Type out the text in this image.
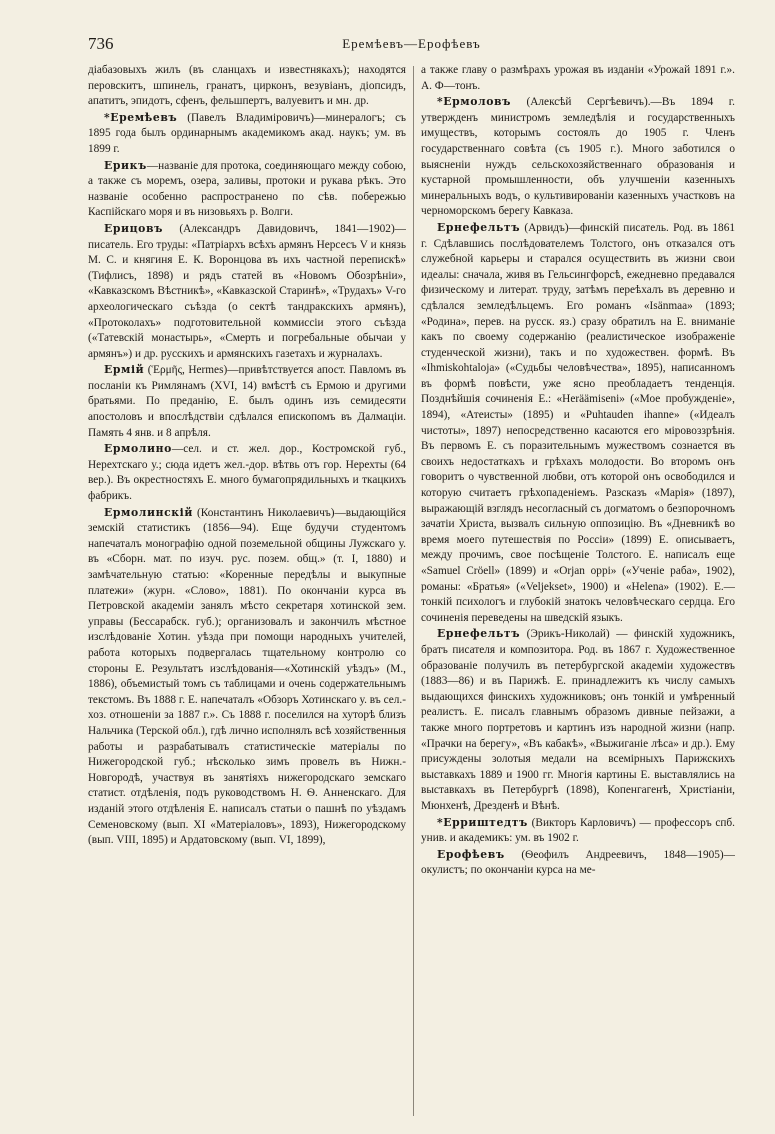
736	Еремѣевъ—Ерофѣевъ

діабазовыхъ жилъ (въ сланцахъ и известнякахъ); находятся перовскитъ, шпинель, гранатъ, цирконъ, везувіанъ, діопсидъ, апатитъ, эпидотъ, сфенъ, фельшпертъ, валуевитъ и мн. др.

*Еремѣевъ (Павелъ Владиміровичъ)—минералогъ; съ 1895 года былъ ординарнымъ академикомъ акад. наукъ; ум. въ 1899 г.

Ерикъ—названіе для протока, соединяющаго между собою, а также съ моремъ, озера, заливы, протоки и рукава рѣкъ. Это названіе особенно распространено по сѣв. побережью Каспійскаго моря и въ низовьяхъ р. Волги.

Ерицовъ (Александръ Давидовичъ, 1841—1902)—писатель. Его труды: «Патріархъ всѣхъ армянъ Нерсесъ V и князь М. С. и княгиня Е. К. Воронцова въ ихъ частной перепискѣ» (Тифлисъ, 1898) и рядъ статей въ «Новомъ Обозрѣніи», «Кавказскомъ Вѣстникѣ», «Кавказской Старинѣ», «Трудахъ» V-го археологическаго съѣзда (о сектѣ тандракскихъ армянъ), «Протоколахъ» подготовительной коммиссіи этого съѣзда («Татевскій монастырь», «Смерть и погребальные обычаи у армянъ») и др. русскихъ и армянскихъ газетахъ и журналахъ.

Ермій (Ἑρμῆς, Hermes)—привѣтствуется апост. Павломъ въ посланіи къ Римлянамъ (XVI, 14) вмѣстѣ съ Ермою и другими братьями. По преданію, Е. былъ одинъ изъ семидесяти апостоловъ и впослѣдствіи сдѣлался епископомъ въ Далмаціи. Память 4 янв. и 8 апрѣля.

Ермолино—сел. и ст. жел. дор., Костромской губ., Нерехтскаго у.; сюда идетъ жел.-дор. вѣтвь отъ гор. Нерехты (64 вер.). Въ окрестностяхъ Е. много бумагопрядильныхъ и ткацкихъ фабрикъ.

Ермолинскій (Константинъ Николаевичъ)—выдающійся земскій статистикъ (1856—94). Еще будучи студентомъ напечаталъ монографію одной поземельной общины Лужскаго у. въ «Сборн. мат. по изуч. рус. позем. общ.» (т. I, 1880) и замѣчательную статью: «Коренные передѣлы и выкупные платежи» (журн. «Слово», 1881). По окончаніи курса въ Петровской академіи занялъ мѣсто секретаря хотинской зем. управы (Бессарабск. губ.); организовалъ и закончилъ мѣстное изслѣдованіе Хотин. уѣзда при помощи народныхъ учителей, работа которыхъ подвергалась тщательному контролю со стороны Е. Результатъ изслѣдованія—«Хотинскій уѣздъ» (М., 1886), объемистый томъ съ таблицами и очень содержательнымъ текстомъ. Въ 1888 г. Е. напечаталъ «Обзоръ Хотинскаго у. въ сел.-хоз. отношеніи за 1887 г.». Съ 1888 г. поселился на хуторѣ близъ Нальчика (Терской обл.), гдѣ лично исполнялъ всѣ хозяйственныя работы и разрабатывалъ статистическіе матеріалы по Нижегородской губ.; нѣсколько зимъ провелъ въ Нижн.-Новгородѣ, участвуя въ занятіяхъ нижегородскаго земскаго статист. отдѣленія, подъ руководствомъ Н. Ѳ. Анненскаго. Для изданій этого отдѣленія Е. написалъ статьи о пашнѣ по уѣздамъ Семеновскому (вып. XI «Матеріаловъ», 1893), Нижегородскому (вып. VIII, 1895) и Ардатовскому (вып. VI, 1899),

а также главу о размѣрахъ урожая въ изданіи «Урожай 1891 г.». А. Ф—тонъ.

*Ермоловъ (Алексѣй Сергѣевичъ).—Въ 1894 г. утвержденъ министромъ земледѣлія и государственныхъ имуществъ, которымъ состоялъ до 1905 г. Членъ государственнаго совѣта (съ 1905 г.). Много заботился о выясненіи нуждъ сельскохозяйственнаго образованія и кустарной промышленности, объ улучшеніи казенныхъ минеральныхъ водъ, о культивированіи казенныхъ участковъ на черноморскомъ берегу Кавказа.

Ернефельтъ (Арвидъ)—финскій писатель. Род. въ 1861 г. Сдѣлавшись послѣдователемъ Толстого, онъ отказался отъ служебной карьеры и старался осуществить въ жизни свои идеалы: сначала, живя въ Гельсингфорсѣ, ежедневно предавался физическому и литерат. труду, затѣмъ переѣхалъ въ деревню и сдѣлался земледѣльцемъ. Его романъ «Isänmaa» (1893; «Родина», перев. на русск. яз.) сразу обратилъ на Е. вниманіе какъ по своему содержанію (реалистическое изображеніе студенческой жизни), такъ и по художествен. формѣ. Въ «Ihmiskohtaloja» («Судьбы человѣчества», 1895), написанномъ въ формѣ повѣсти, уже ясно преобладаетъ тенденція. Позднѣйшія сочиненія Е.: «Heräämiseni» («Мое пробужденіе», 1894), «Атеисты» (1895) и «Puhtauden ihanne» («Идеалъ чистоты», 1897) непосредственно касаются его міровоззрѣнія. Въ первомъ Е. съ поразительнымъ мужествомъ сознается въ своихъ недостаткахъ и грѣхахъ молодости. Во второмъ онъ говоритъ о чувственной любви, отъ которой онъ освободился и которую считаетъ грѣхопаденіемъ. Разсказъ «Марія» (1897), выражающій взглядъ несогласный съ догматомъ о безпорочномъ зачатіи Христа, вызвалъ сильную оппозицію. Въ «Дневникѣ во время моего путешествія по Россіи» (1899) Е. описываетъ, между прочимъ, свое посѣщеніе Толстого. Е. написалъ еще «Samuel Cröell» (1899) и «Orjan oppi» («Ученіе раба», 1902), романы: «Братья» («Veljekset», 1900) и «Helena» (1902). Е.—тонкій психологъ и глубокій знатокъ человѣческаго сердца. Его сочиненія переведены на шведскій языкъ.

Ернефельтъ (Эрикъ-Николай) — финскій художникъ, братъ писателя и композитора. Род. въ 1867 г. Художественное образованіе получилъ въ петербургской академіи художествъ (1883—86) и въ Парижѣ. Е. принадлежитъ къ числу самыхъ выдающихся финскихъ художниковъ; онъ тонкій и умѣренный реалистъ. Е. писалъ главнымъ образомъ дивные пейзажи, а также много портретовъ и картинъ изъ народной жизни (напр. «Прачки на берегу», «Въ кабакѣ», «Выжиганіе лѣса» и др.). Ему присуждены золотыя медали на всемірныхъ Парижскихъ выставкахъ 1889 и 1900 гг. Многія картины Е. выставлялись на выставкахъ въ Петербургѣ (1898), Копенгагенѣ, Христіаніи, Мюнхенѣ, Дрезденѣ и Вѣнѣ.

*Ерриштедтъ (Викторъ Карловичъ) — профессоръ спб. унив. и академикъ: ум. въ 1902 г.

Ерофѣевъ (Ѳеофилъ Андреевичъ, 1848—1905)—окулистъ; по окончаніи курса на ме-
